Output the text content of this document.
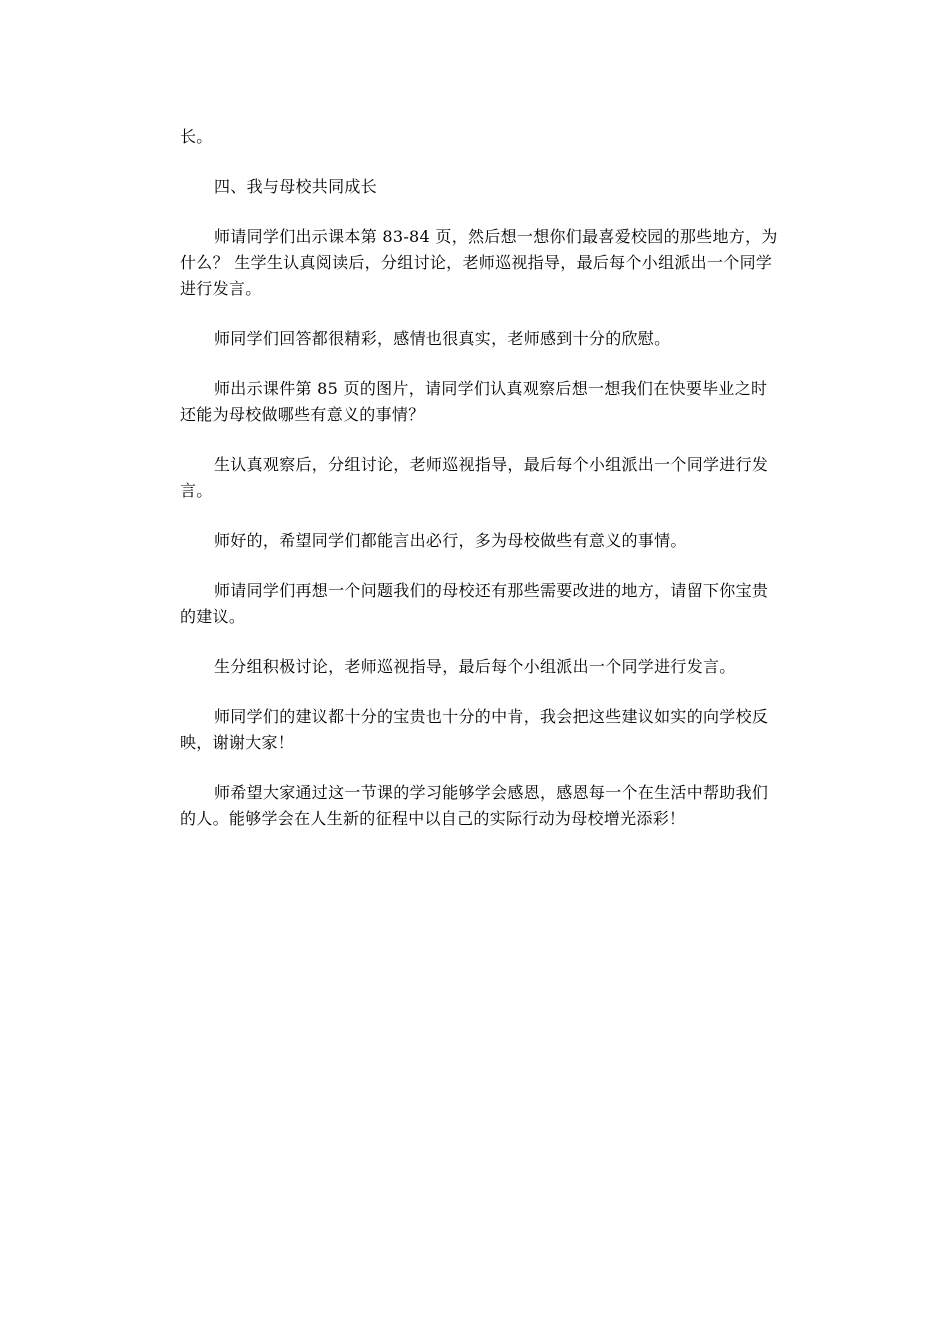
长。

四、我与母校共同成长

师请同学们出示课本第 83-84 页，然后想一想你们最喜爱校园的那些地方，为什么？ 生学生认真阅读后，分组讨论，老师巡视指导，最后每个小组派出一个同学进行发言。

师同学们回答都很精彩，感情也很真实，老师感到十分的欣慰。

师出示课件第 85 页的图片，请同学们认真观察后想一想我们在快要毕业之时还能为母校做哪些有意义的事情？

生认真观察后，分组讨论，老师巡视指导，最后每个小组派出一个同学进行发言。

师好的，希望同学们都能言出必行，多为母校做些有意义的事情。

师请同学们再想一个问题我们的母校还有那些需要改进的地方，请留下你宝贵的建议。

生分组积极讨论，老师巡视指导，最后每个小组派出一个同学进行发言。

师同学们的建议都十分的宝贵也十分的中肯，我会把这些建议如实的向学校反映，谢谢大家！

师希望大家通过这一节课的学习能够学会感恩，感恩每一个在生活中帮助我们的人。能够学会在人生新的征程中以自己的实际行动为母校增光添彩！
